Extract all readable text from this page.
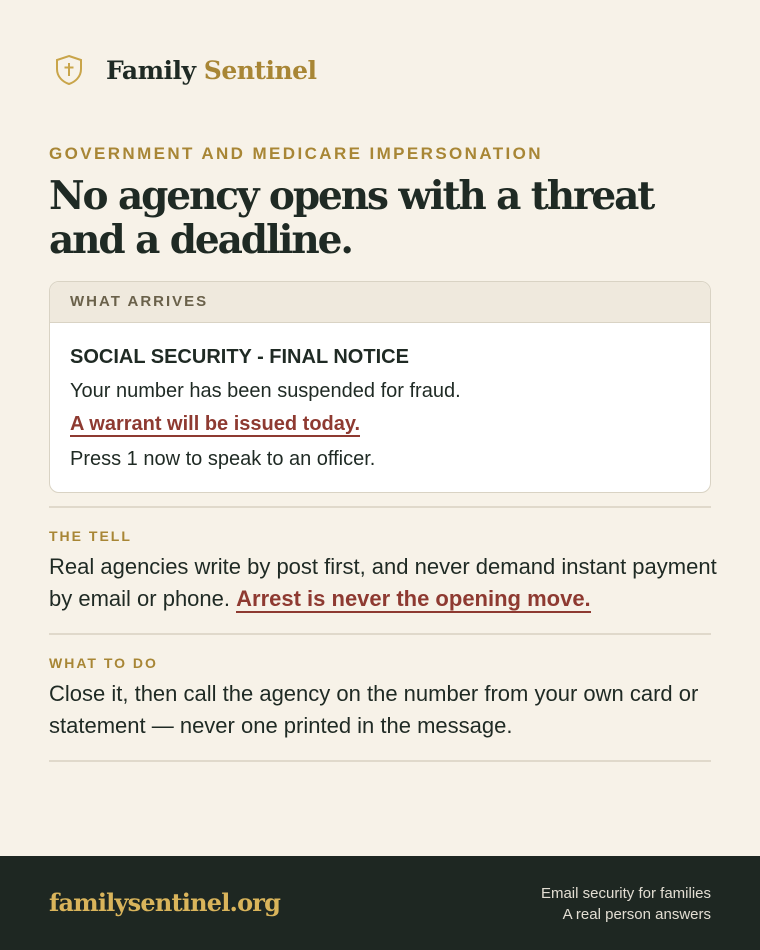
Family Sentinel
GOVERNMENT AND MEDICARE IMPERSONATION
No agency opens with a threat and a deadline.
WHAT ARRIVES
SOCIAL SECURITY - FINAL NOTICE
Your number has been suspended for fraud.
A warrant will be issued today.
Press 1 now to speak to an officer.
THE TELL
Real agencies write by post first, and never demand instant payment by email or phone. Arrest is never the opening move.
WHAT TO DO
Close it, then call the agency on the number from your own card or statement — never one printed in the message.
familysentinel.org	Email security for families
A real person answers
